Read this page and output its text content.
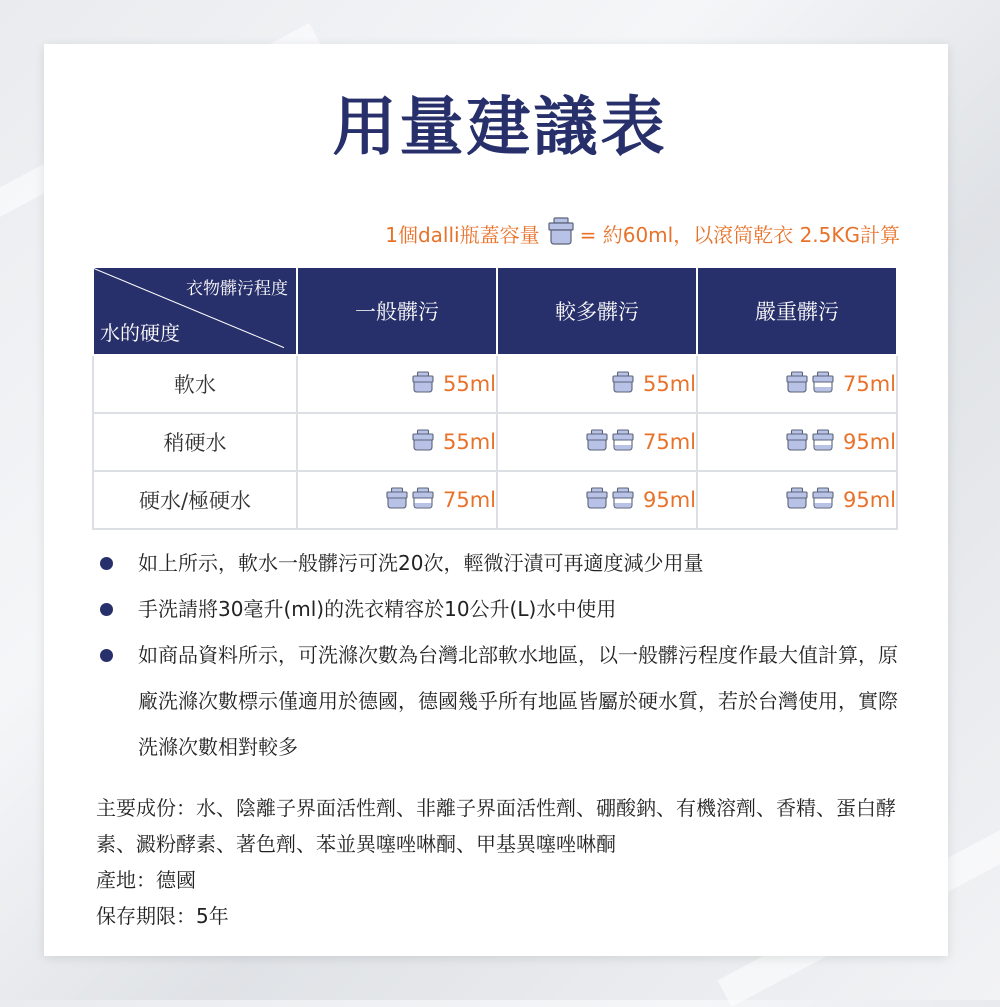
用量建議表
1個dalli瓶蓋容量 = 約60ml，以滾筒乾衣 2.5KG計算
衣物髒污程度
水的硬度	一般髒污	較多髒污	嚴重髒污
軟水	55ml	55ml	75ml

稍硬水	55ml	75ml	95ml

硬水/極硬水	75ml	95ml	95ml
如上所示，軟水一般髒污可洗20次，輕微汙漬可再適度減少用量
手洗請將30毫升(ml)的洗衣精容於10公升(L)水中使用
如商品資料所示，可洗滌次數為台灣北部軟水地區，以一般髒污程度作最大值計算，原廠洗滌次數標示僅適用於德國，德國幾乎所有地區皆屬於硬水質，若於台灣使用，實際洗滌次數相對較多

主要成份：水、陰離子界面活性劑、非離子界面活性劑、硼酸鈉、有機溶劑、香精、蛋白酵素、澱粉酵素、著色劑、苯並異噻唑啉酮、甲基異噻唑啉酮

產地：德國

保存期限：5年
